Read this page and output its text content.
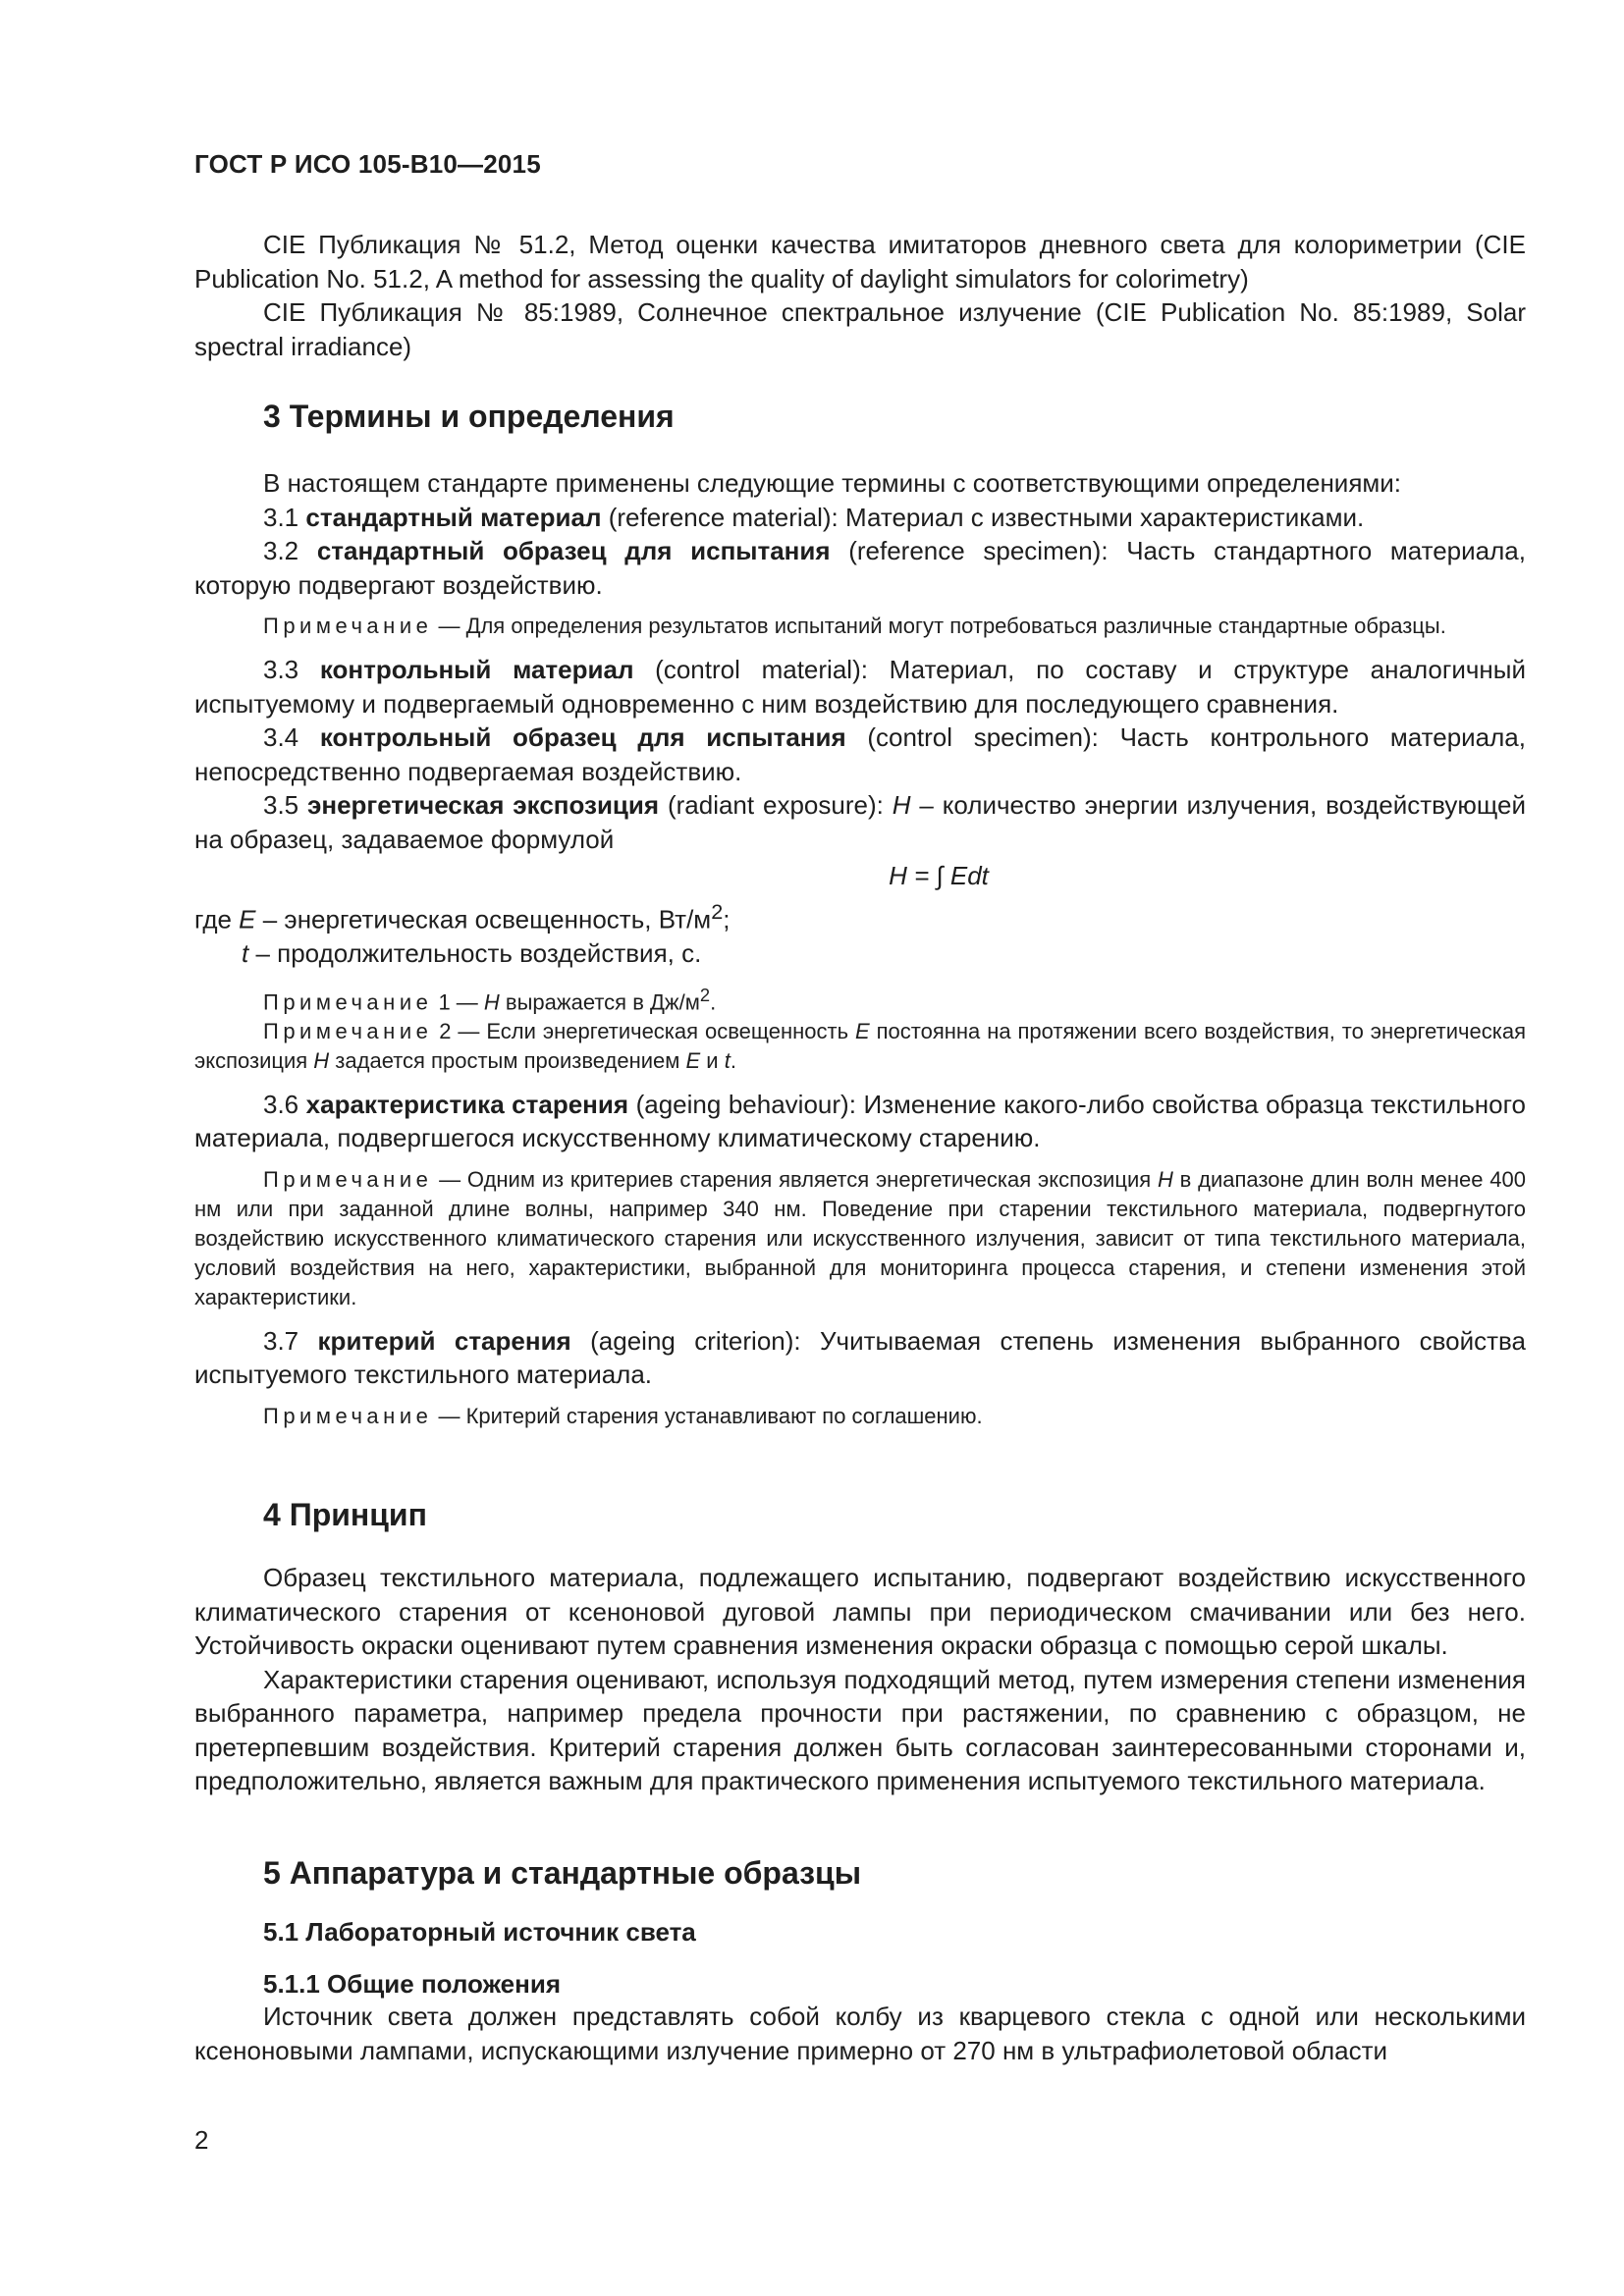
ГОСТ Р ИСО 105-B10—2015

CIE Публикация № 51.2, Метод оценки качества имитаторов дневного света для колориметрии (CIE Publication No. 51.2, A method for assessing the quality of daylight simulators for colorimetry)

CIE Публикация № 85:1989, Солнечное спектральное излучение (CIE Publication No. 85:1989, Solar spectral irradiance)

3 Термины и определения

В настоящем стандарте применены следующие термины с соответствующими определениями:

3.1 стандартный материал (reference material): Материал с известными характеристиками.

3.2 стандартный образец для испытания (reference specimen): Часть стандартного материала, которую подвергают воздействию.

Примечание — Для определения результатов испытаний могут потребоваться различные стандартные образцы.

3.3 контрольный материал (control material): Материал, по составу и структуре аналогичный испытуемому и подвергаемый одновременно с ним воздействию для последующего сравнения.

3.4 контрольный образец для испытания (control specimen): Часть контрольного материала, непосредственно подвергаемая воздействию.

3.5 энергетическая экспозиция (radiant exposure): H – количество энергии излучения, воздействующей на образец, задаваемое формулой

H = ∫ Edt

где E – энергетическая освещенность, $Вт/м^2$;

t – продолжительность воздействия, с.

Примечание 1 — H выражается в $Дж/м^2$.

Примечание 2 — Если энергетическая освещенность E постоянна на протяжении всего воздействия, то энергетическая экспозиция H задается простым произведением E и t.

3.6 характеристика старения (ageing behaviour): Изменение какого-либо свойства образца текстильного материала, подвергшегося искусственному климатическому старению.

Примечание — Одним из критериев старения является энергетическая экспозиция H в диапазоне длин волн менее 400 нм или при заданной длине волны, например 340 нм. Поведение при старении текстильного материала, подвергнутого воздействию искусственного климатического старения или искусственного излучения, зависит от типа текстильного материала, условий воздействия на него, характеристики, выбранной для мониторинга процесса старения, и степени изменения этой характеристики.

3.7 критерий старения (ageing criterion): Учитываемая степень изменения выбранного свойства испытуемого текстильного материала.

Примечание — Критерий старения устанавливают по соглашению.

4 Принцип

Образец текстильного материала, подлежащего испытанию, подвергают воздействию искусственного климатического старения от ксеноновой дуговой лампы при периодическом смачивании или без него. Устойчивость окраски оценивают путем сравнения изменения окраски образца с помощью серой шкалы.

Характеристики старения оценивают, используя подходящий метод, путем измерения степени изменения выбранного параметра, например предела прочности при растяжении, по сравнению с образцом, не претерпевшим воздействия. Критерий старения должен быть согласован заинтересованными сторонами и, предположительно, является важным для практического применения испытуемого текстильного материала.

5 Аппаратура и стандартные образцы
5.1 Лабораторный источник света
5.1.1 Общие положения

Источник света должен представлять собой колбу из кварцевого стекла с одной или несколькими ксеноновыми лампами, испускающими излучение примерно от 270 нм в ультрафиолетовой области

2
